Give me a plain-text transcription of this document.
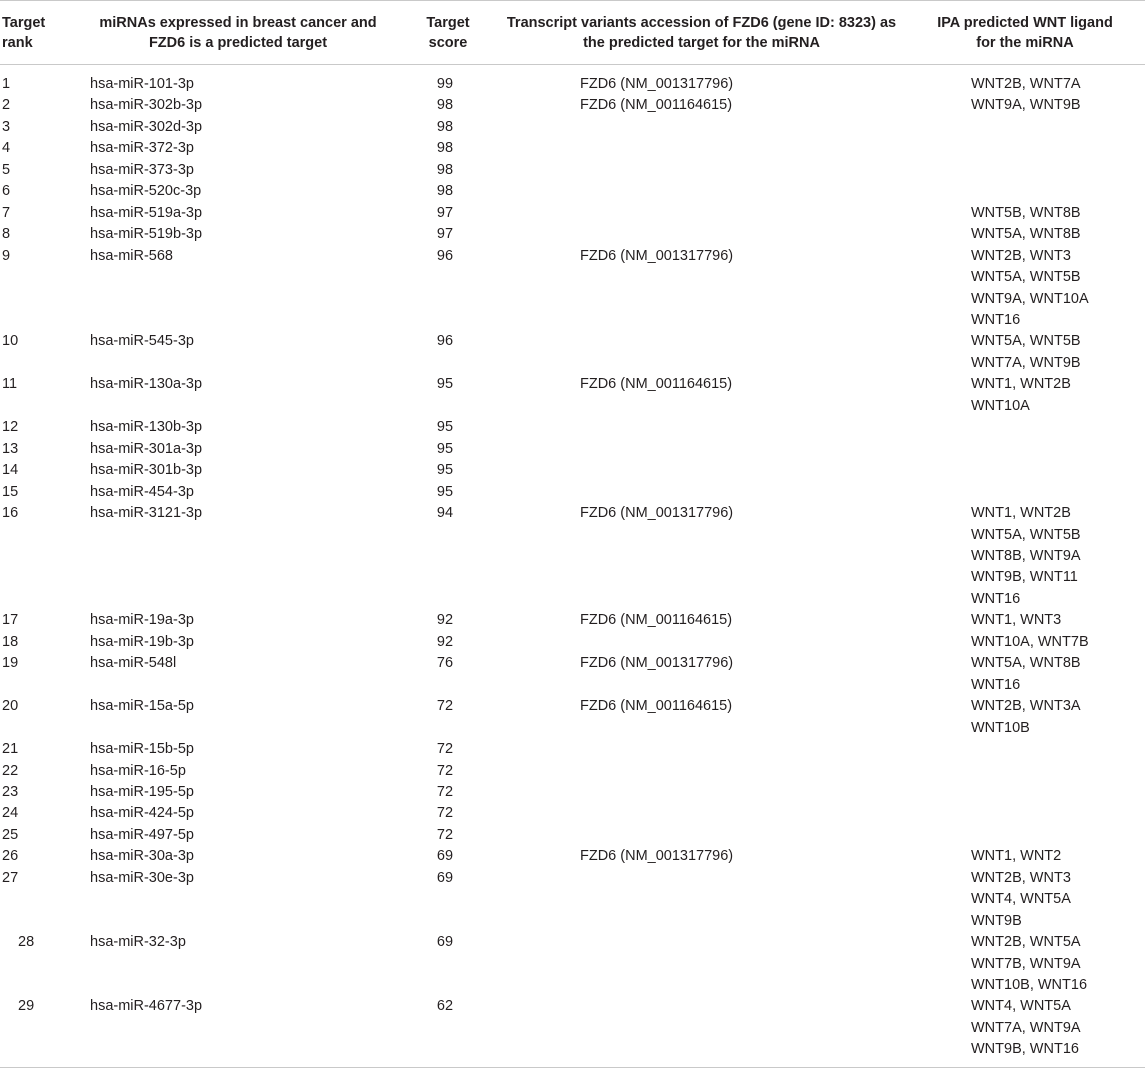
Target
rank	miRNAs expressed in breast cancer and
FZD6 is a predicted target	Target
score	Transcript variants accession of FZD6 (gene ID: 8323) as
the predicted target for the miRNA	IPA predicted WNT ligand
for the miRNA
1	hsa-miR-101-3p	99	FZD6 (NM_001317796)	WNT2B, WNT7A
2	hsa-miR-302b-3p	98	FZD6 (NM_001164615)	WNT9A, WNT9B
3	hsa-miR-302d-3p	98		
4	hsa-miR-372-3p	98		
5	hsa-miR-373-3p	98		
6	hsa-miR-520c-3p	98		
7	hsa-miR-519a-3p	97		WNT5B, WNT8B
8	hsa-miR-519b-3p	97		WNT5A, WNT8B
9	hsa-miR-568	96	FZD6 (NM_001317796)	WNT2B, WNT3
WNT5A, WNT5B
WNT9A, WNT10A
WNT16
10	hsa-miR-545-3p	96		WNT5A, WNT5B
WNT7A, WNT9B
11	hsa-miR-130a-3p	95	FZD6 (NM_001164615)	WNT1, WNT2B
WNT10A
12	hsa-miR-130b-3p	95		
13	hsa-miR-301a-3p	95		
14	hsa-miR-301b-3p	95		
15	hsa-miR-454-3p	95		
16	hsa-miR-3121-3p	94	FZD6 (NM_001317796)	WNT1, WNT2B
WNT5A, WNT5B
WNT8B, WNT9A
WNT9B, WNT11
WNT16
17	hsa-miR-19a-3p	92	FZD6 (NM_001164615)	WNT1, WNT3
18	hsa-miR-19b-3p	92		WNT10A, WNT7B
19	hsa-miR-548l	76	FZD6 (NM_001317796)	WNT5A, WNT8B
WNT16
20	hsa-miR-15a-5p	72	FZD6 (NM_001164615)	WNT2B, WNT3A
WNT10B
21	hsa-miR-15b-5p	72		
22	hsa-miR-16-5p	72		
23	hsa-miR-195-5p	72		
24	hsa-miR-424-5p	72		
25	hsa-miR-497-5p	72		
26	hsa-miR-30a-3p	69	FZD6 (NM_001317796)	WNT1, WNT2
27	hsa-miR-30e-3p	69		WNT2B, WNT3
WNT4, WNT5A
WNT9B

28	hsa-miR-32-3p	69		WNT2B, WNT5A
WNT7B, WNT9A
WNT10B, WNT16
29	hsa-miR-4677-3p	62		WNT4, WNT5A
WNT7A, WNT9A
WNT9B, WNT16
